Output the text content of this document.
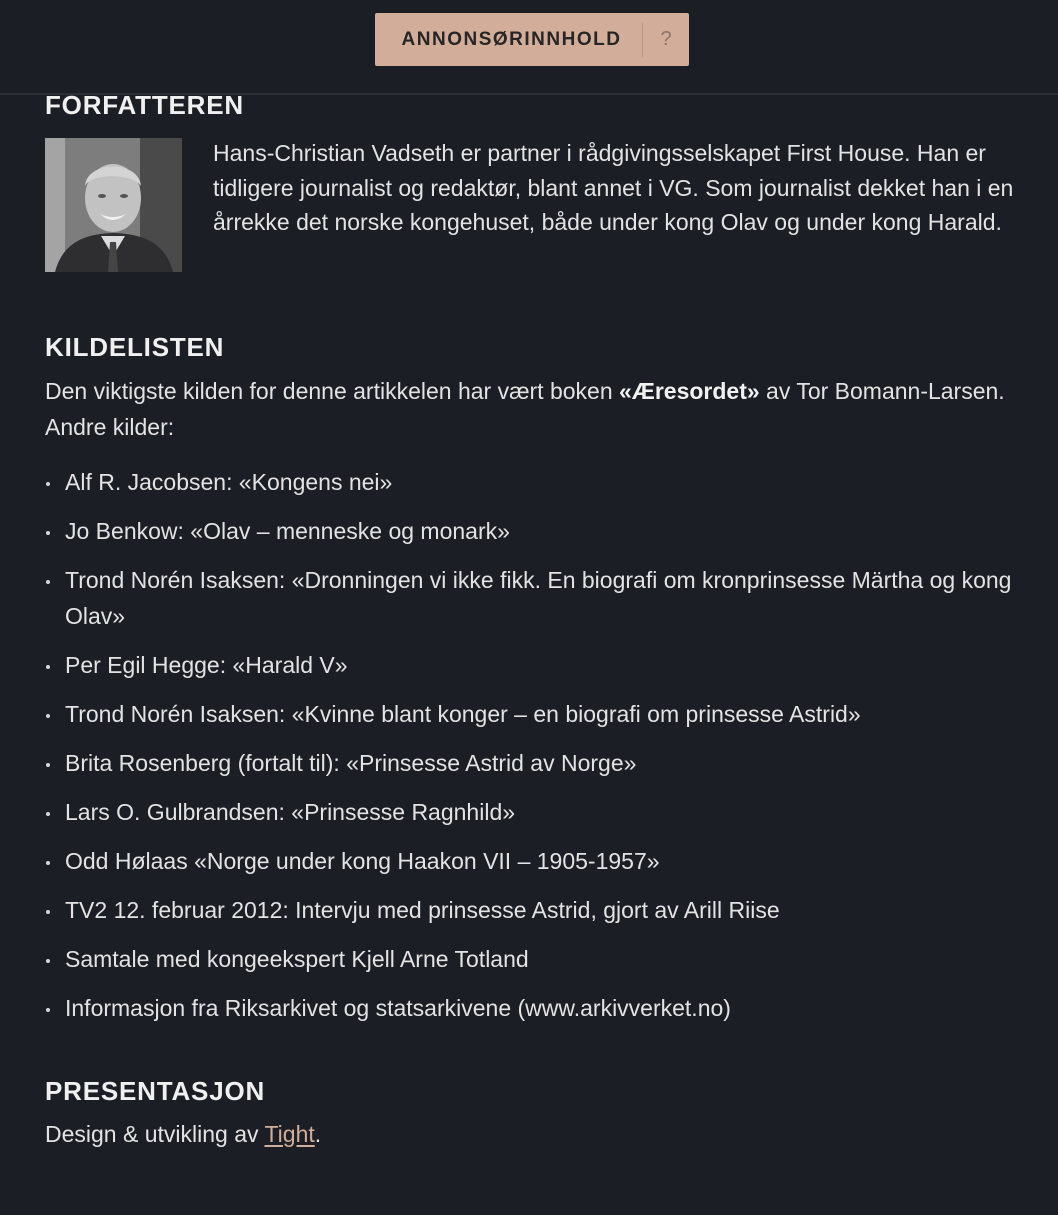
ANNONSØRINNHOLD	?
FORFATTEREN
Hans-Christian Vadseth er partner i rådgivingsselskapet First House. Han er tidligere journalist og redaktør, blant annet i VG. Som journalist dekket han i en årrekke det norske kongehuset, både under kong Olav og under kong Harald.
KILDELISTEN
Den viktigste kilden for denne artikkelen har vært boken «Æresordet» av Tor Bomann-Larsen. Andre kilder:
Alf R. Jacobsen: «Kongens nei»
Jo Benkow: «Olav – menneske og monark»
Trond Norén Isaksen: «Dronningen vi ikke fikk. En biografi om kronprinsesse Märtha og kong Olav»
Per Egil Hegge: «Harald V»
Trond Norén Isaksen: «Kvinne blant konger – en biografi om prinsesse Astrid»
Brita Rosenberg (fortalt til): «Prinsesse Astrid av Norge»
Lars O. Gulbrandsen: «Prinsesse Ragnhild»
Odd Hølaas «Norge under kong Haakon VII – 1905-1957»
TV2 12. februar 2012: Intervju med prinsesse Astrid, gjort av Arill Riise
Samtale med kongeekspert Kjell Arne Totland
Informasjon fra Riksarkivet og statsarkivene (www.arkivverket.no)
PRESENTASJON
Design & utvikling av Tight.
